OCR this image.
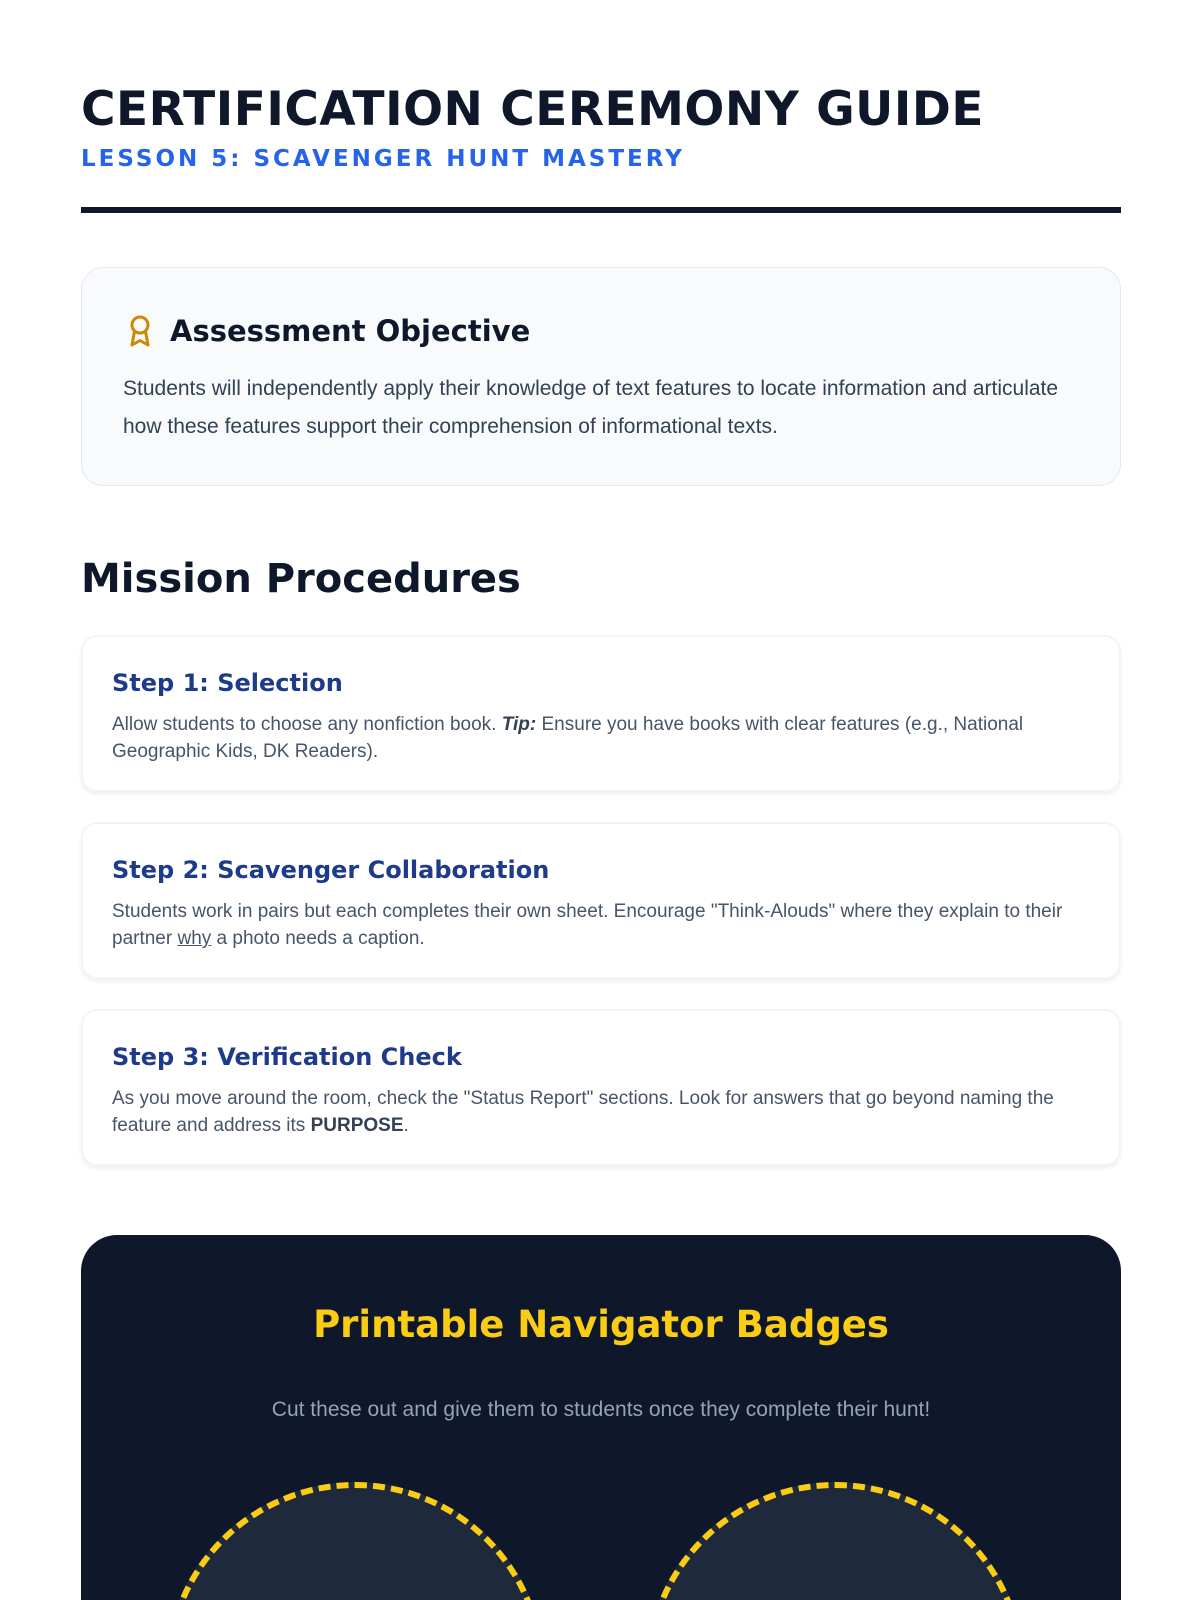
CERTIFICATION CEREMONY GUIDE
LESSON 5: SCAVENGER HUNT MASTERY
Assessment Objective

Students will independently apply their knowledge of text features to locate information and articulate how these features support their comprehension of informational texts.

Mission Procedures
Step 1: Selection

Allow students to choose any nonfiction book. Tip: Ensure you have books with clear features (e.g., National Geographic Kids, DK Readers).

Step 2: Scavenger Collaboration

Students work in pairs but each completes their own sheet. Encourage "Think-Alouds" where they explain to their partner why a photo needs a caption.

Step 3: Verification Check

As you move around the room, check the "Status Report" sections. Look for answers that go beyond naming the feature and address its PURPOSE.

Printable Navigator Badges

Cut these out and give them to students once they complete their hunt!
